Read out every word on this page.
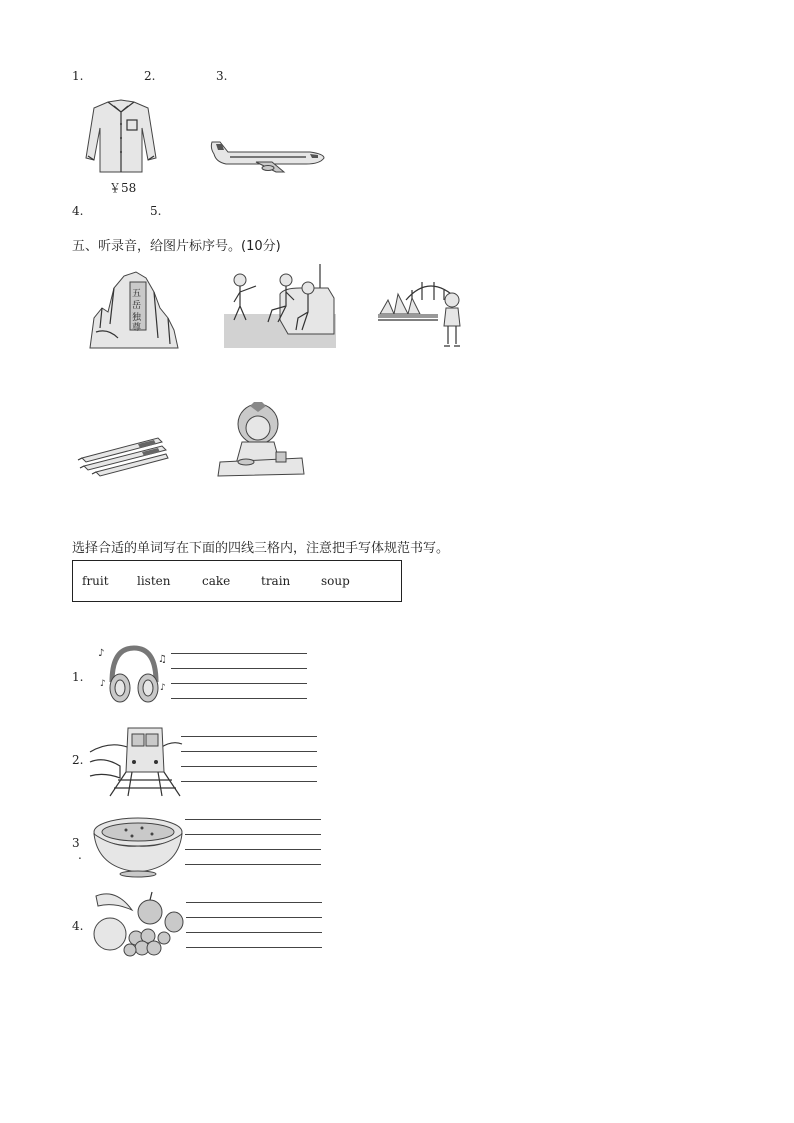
1.	2.	3.
￥58
4.	5.
五、听录音，给图片标序号。(10分)
五
岳
独
尊
选择合适的单词写在下面的四线三格内，注意把手写体规范书写。
fruit listen	cake	train	soup
1.
♪
♫
♪	♪
2.
3
.
4.
